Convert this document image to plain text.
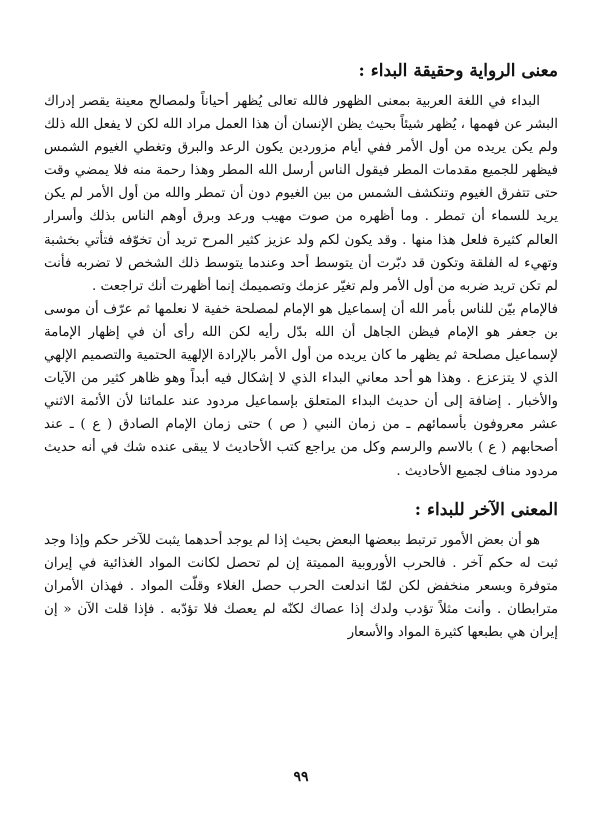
معنى الرواية وحقيقة البداء
:

البداء في اللغة العربية بمعنى الظهور فالله تعالى يُظهر أحياناً ولمصالح معينة يقصر إدراك البشر عن فهمها ، يُظهر شيئاً بحيث يظن الإنسان أن هذا العمل مراد الله لكن لا يفعل الله ذلك ولم يكن يريده من أول الأمر ففي أيام مزوردين يكون الرعد والبرق وتغطي الغيوم الشمس فيظهر للجميع مقدمات المطر فيقول الناس أرسل الله المطر وهذا رحمة منه فلا يمضي وقت حتى تتفرق الغيوم وتنكشف الشمس من بين الغيوم دون أن تمطر والله من أول الأمر لم يكن يريد للسماء أن تمطر . وما أظهره من صوت مهيب ورعد وبرق أوهم الناس بذلك وأسرار العالم كثيرة فلعل هذا منها . وقد يكون لكم ولد عزيز كثير المرح تريد أن تخوّفه فتأتي بخشبة وتهيء له الفلقة وتكون قد دبّرت أن يتوسط أحد وعندما يتوسط ذلك الشخص لا تضربه فأنت لم تكن تريد ضربه من أول الأمر ولم تغيّر عزمك وتصميمك إنما أظهرت أنك تراجعت .

فالإمام بيّن للناس بأمر الله أن إسماعيل هو الإمام لمصلحة خفية لا نعلمها ثم عرّف أن موسى بن جعفر هو الإمام فيظن الجاهل أن الله بدّل رأيه لكن الله رأى أن في إظهار الإمامة لإسماعيل مصلحة ثم يظهر ما كان يريده من أول الأمر بالإرادة الإلهية الحتمية والتصميم الإلهي الذي لا يتزعزع . وهذا هو أحد معاني البداء الذي لا إشكال فيه أبداً وهو ظاهر كثير من الآيات والأخبار . إضافة إلى أن حديث البداء المتعلق بإسماعيل مردود عند علمائنا لأن الأئمة الاثني عشر معروفون بأسمائهم ـ من زمان النبي ( ص ) حتى زمان الإمام الصادق ( ع ) ـ عند أصحابهم ( ع ) بالاسم والرسم وكل من يراجع كتب الأحاديث لا يبقى عنده شك في أنه حديث مردود مناف لجميع الأحاديث .

المعنى الآخر للبداء
:

هو أن بعض الأمور ترتبط ببعضها البعض بحيث إذا لم يوجد أحدهما يثبت للآخر حكم وإذا وجد ثبت له حكم آخر . فالحرب الأوروبية المميتة إن لم تحصل لكانت المواد الغذائية في إيران متوفرة وبسعر منخفض لكن لمّا اندلعت الحرب حصل الغلاء وقلّت المواد . فهذان الأمران مترابطان . وأنت مثلاً تؤدب ولدك إذا عصاك لكنّه لم يعصك فلا تؤدّبه . فإذا قلت الآن « إن إيران هي بطبعها كثيرة المواد والأسعار

٩٩
